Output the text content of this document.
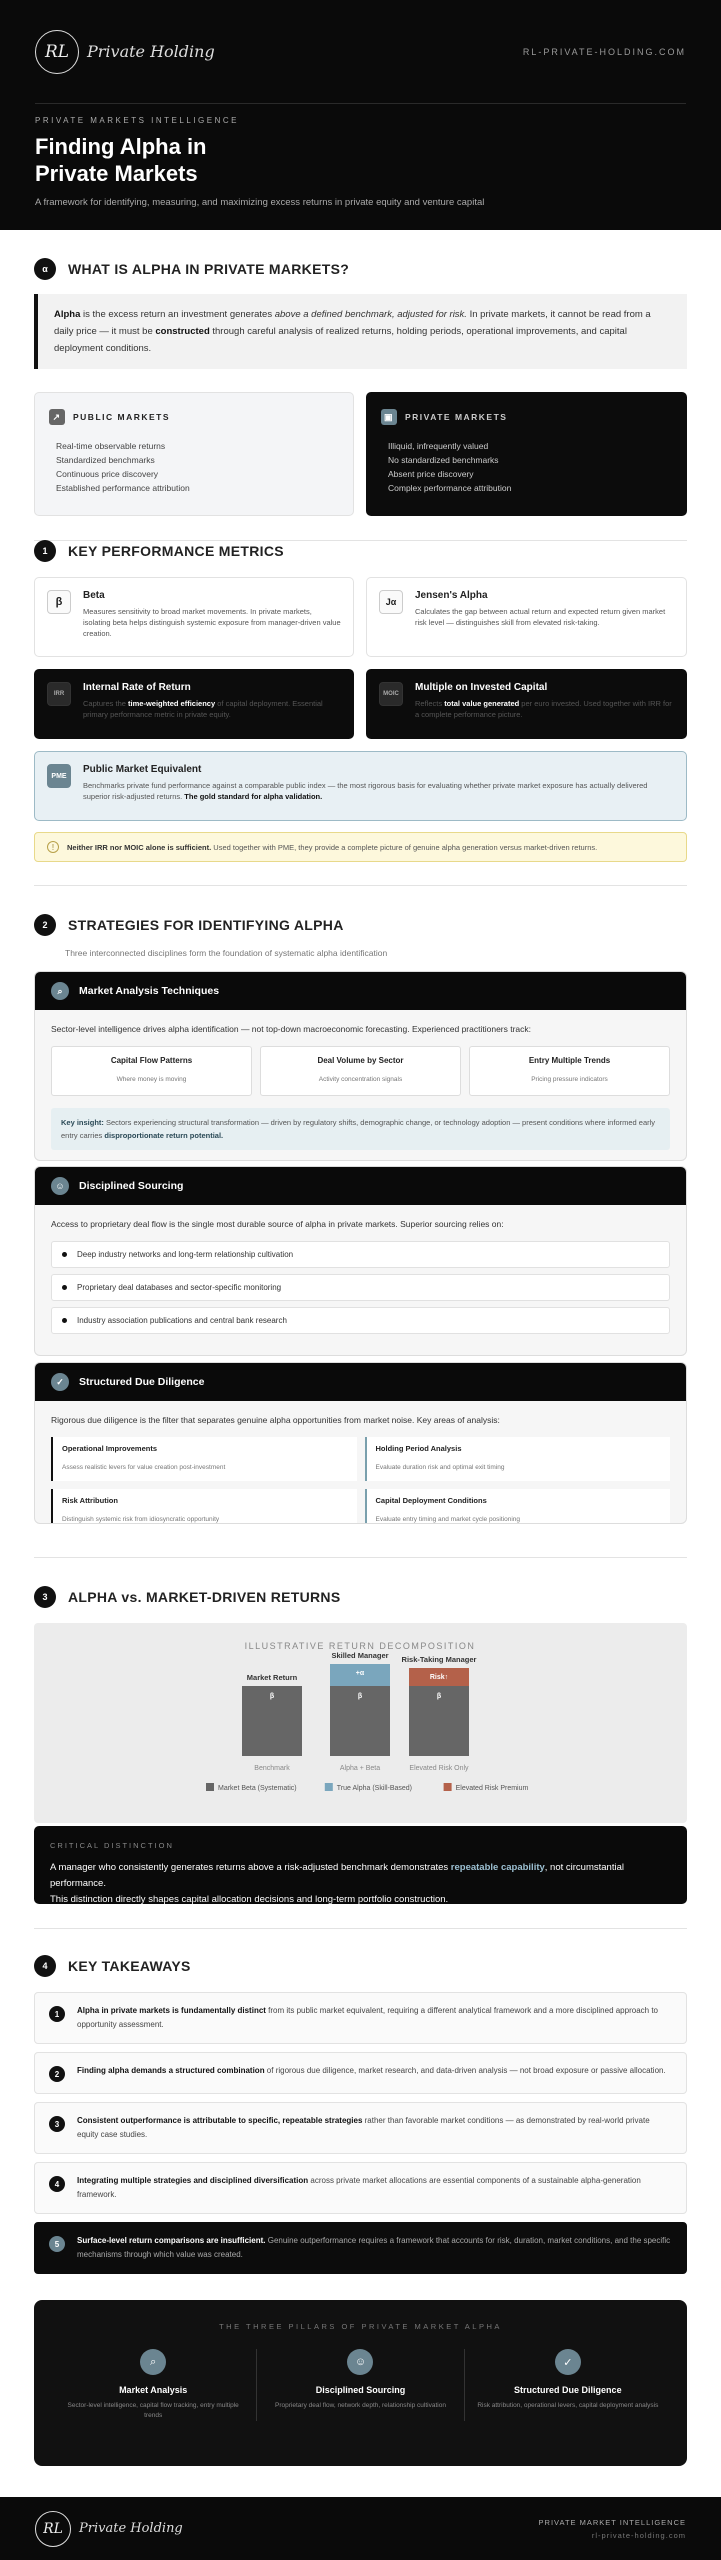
RL	Private Holding	RL-PRIVATE-HOLDING.COM
PRIVATE MARKETS INTELLIGENCE
Finding Alpha in Private Markets

A framework for identifying, measuring, and maximizing excess returns in private equity and venture capital

α	WHAT IS ALPHA IN PRIVATE MARKETS?
Alpha is the excess return an investment generates above a defined benchmark, adjusted for risk. In private markets, it cannot be read from a daily price — it must be constructed through careful analysis of realized returns, holding periods, operational improvements, and capital deployment conditions.
↗	PUBLIC MARKETS
Real-time observable returns
Standardized benchmarks
Continuous price discovery
Established performance attribution
▣	PRIVATE MARKETS
Illiquid, infrequently valued
No standardized benchmarks
Absent price discovery
Complex performance attribution
1	KEY PERFORMANCE METRICS
β
Beta

Measures sensitivity to broad market movements. In private markets, isolating beta helps distinguish systemic exposure from manager-driven value creation.

Jα
Jensen's Alpha

Calculates the gap between actual return and expected return given market risk level — distinguishes skill from elevated risk-taking.

IRR
Internal Rate of Return

Captures the time-weighted efficiency of capital deployment. Essential primary performance metric in private equity.

MOIC
Multiple on Invested Capital

Reflects total value generated per euro invested. Used together with IRR for a complete performance picture.

PME
Public Market Equivalent

Benchmarks private fund performance against a comparable public index — the most rigorous basis for evaluating whether private market exposure has actually delivered superior risk-adjusted returns. The gold standard for alpha validation.

!	Neither IRR nor MOIC alone is sufficient. Used together with PME, they provide a complete picture of genuine alpha generation versus market-driven returns.
2	STRATEGIES FOR IDENTIFYING ALPHA
Three interconnected disciplines form the foundation of systematic alpha identification
⌕	Market Analysis Techniques
Sector-level intelligence drives alpha identification — not top-down macroeconomic forecasting. Experienced practitioners track:
Capital Flow Patterns
Where money is moving
Deal Volume by Sector
Activity concentration signals
Entry Multiple Trends
Pricing pressure indicators
Key insight: Sectors experiencing structural transformation — driven by regulatory shifts, demographic change, or technology adoption — present conditions where informed early entry carries disproportionate return potential.
☺	Disciplined Sourcing
Access to proprietary deal flow is the single most durable source of alpha in private markets. Superior sourcing relies on:
Deep industry networks and long-term relationship cultivation
Proprietary deal databases and sector-specific monitoring
Industry association publications and central bank research
✓	Structured Due Diligence
Rigorous due diligence is the filter that separates genuine alpha opportunities from market noise. Key areas of analysis:
Operational Improvements
Assess realistic levers for value creation post-investment
Holding Period Analysis
Evaluate duration risk and optimal exit timing
Risk Attribution
Distinguish systemic risk from idiosyncratic opportunity
Capital Deployment Conditions
Evaluate entry timing and market cycle positioning
3	ALPHA vs. MARKET-DRIVEN RETURNS
ILLUSTRATIVE RETURN DECOMPOSITION
β
Market Return
Benchmark
β
+α
Skilled Manager
Alpha + Beta
β
Risk↑
Risk-Taking Manager
Elevated Risk Only
Market Beta (Systematic)	True Alpha (Skill-Based)	Elevated Risk Premium
CRITICAL DISTINCTION
A manager who consistently generates returns above a risk-adjusted benchmark demonstrates repeatable capability, not circumstantial performance.
This distinction directly shapes capital allocation decisions and long-term portfolio construction.
4	KEY TAKEAWAYS
1	Alpha in private markets is fundamentally distinct from its public market equivalent, requiring a different analytical framework and a more disciplined approach to opportunity assessment.

2	Finding alpha demands a structured combination of rigorous due diligence, market research, and data-driven analysis — not broad exposure or passive allocation.

3	Consistent outperformance is attributable to specific, repeatable strategies rather than favorable market conditions — as demonstrated by real-world private equity case studies.

4	Integrating multiple strategies and disciplined diversification across private market allocations are essential components of a sustainable alpha-generation framework.

5	Surface-level return comparisons are insufficient. Genuine outperformance requires a framework that accounts for risk, duration, market conditions, and the specific mechanisms through which value was created.

THE THREE PILLARS OF PRIVATE MARKET ALPHA
⌕
Market Analysis
Sector-level intelligence, capital flow tracking, entry multiple trends
☺
Disciplined Sourcing
Proprietary deal flow, network depth, relationship cultivation
✓
Structured Due Diligence
Risk attribution, operational levers, capital deployment analysis
RL	Private Holding	PRIVATE MARKET INTELLIGENCE
rl-private-holding.com
